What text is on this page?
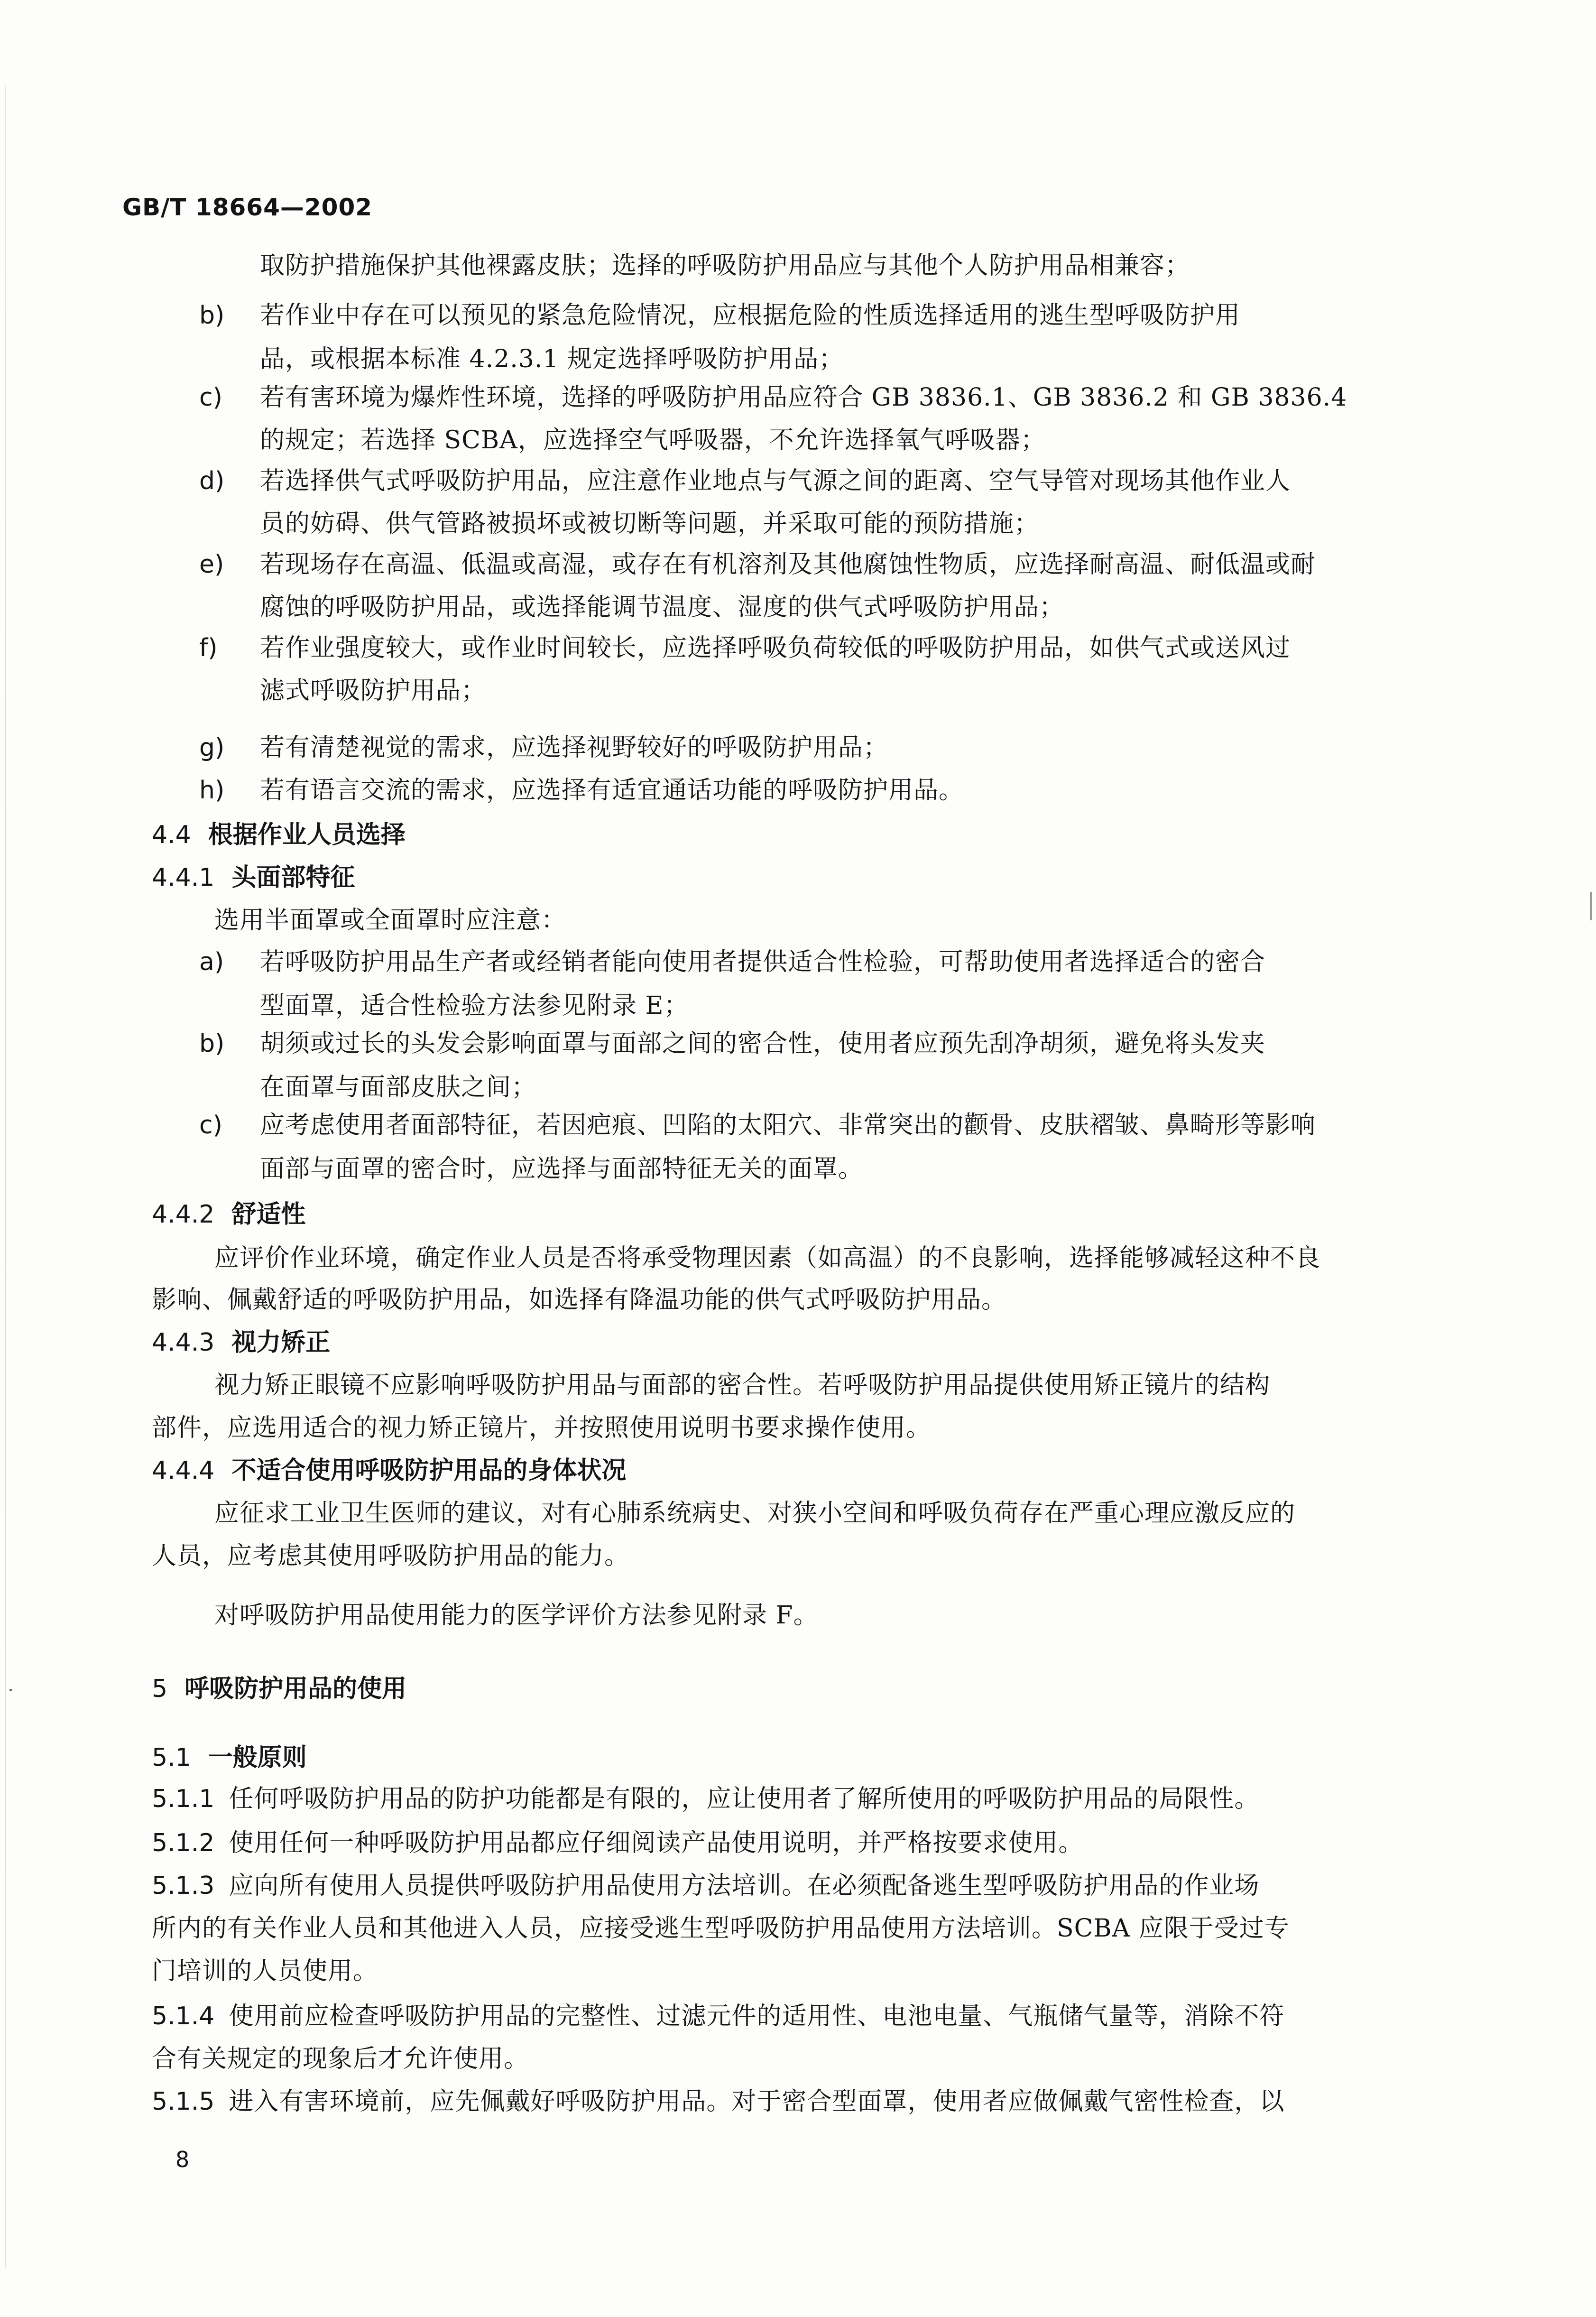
GB/T 18664—2002
取防护措施保护其他裸露皮肤；选择的呼吸防护用品应与其他个人防护用品相兼容；
b) 若作业中存在可以预见的紧急危险情况，应根据危险的性质选择适用的逃生型呼吸防护用
品，或根据本标准 4.2.3.1 规定选择呼吸防护用品；
c) 若有害环境为爆炸性环境，选择的呼吸防护用品应符合 GB 3836.1、GB 3836.2 和 GB 3836.4
的规定；若选择 SCBA，应选择空气呼吸器，不允许选择氧气呼吸器；
d) 若选择供气式呼吸防护用品，应注意作业地点与气源之间的距离、空气导管对现场其他作业人
员的妨碍、供气管路被损坏或被切断等问题，并采取可能的预防措施；
e) 若现场存在高温、低温或高湿，或存在有机溶剂及其他腐蚀性物质，应选择耐高温、耐低温或耐
腐蚀的呼吸防护用品，或选择能调节温度、湿度的供气式呼吸防护用品；
f) 若作业强度较大，或作业时间较长，应选择呼吸负荷较低的呼吸防护用品，如供气式或送风过
滤式呼吸防护用品；
g) 若有清楚视觉的需求，应选择视野较好的呼吸防护用品；
h) 若有语言交流的需求，应选择有适宜通话功能的呼吸防护用品。
4.4 根据作业人员选择
4.4.1 头面部特征
选用半面罩或全面罩时应注意：
a) 若呼吸防护用品生产者或经销者能向使用者提供适合性检验，可帮助使用者选择适合的密合
型面罩，适合性检验方法参见附录 E；
b) 胡须或过长的头发会影响面罩与面部之间的密合性，使用者应预先刮净胡须，避免将头发夹
在面罩与面部皮肤之间；
c) 应考虑使用者面部特征，若因疤痕、凹陷的太阳穴、非常突出的颧骨、皮肤褶皱、鼻畸形等影响
面部与面罩的密合时，应选择与面部特征无关的面罩。
4.4.2 舒适性
应评价作业环境，确定作业人员是否将承受物理因素（如高温）的不良影响，选择能够减轻这种不良
影响、佩戴舒适的呼吸防护用品，如选择有降温功能的供气式呼吸防护用品。
4.4.3 视力矫正
视力矫正眼镜不应影响呼吸防护用品与面部的密合性。若呼吸防护用品提供使用矫正镜片的结构
部件，应选用适合的视力矫正镜片，并按照使用说明书要求操作使用。
4.4.4 不适合使用呼吸防护用品的身体状况
应征求工业卫生医师的建议，对有心肺系统病史、对狭小空间和呼吸负荷存在严重心理应激反应的
人员，应考虑其使用呼吸防护用品的能力。
对呼吸防护用品使用能力的医学评价方法参见附录 F。
5 呼吸防护用品的使用
5.1 一般原则
5.1.1 任何呼吸防护用品的防护功能都是有限的，应让使用者了解所使用的呼吸防护用品的局限性。
5.1.2 使用任何一种呼吸防护用品都应仔细阅读产品使用说明，并严格按要求使用。
5.1.3 应向所有使用人员提供呼吸防护用品使用方法培训。在必须配备逃生型呼吸防护用品的作业场
所内的有关作业人员和其他进入人员，应接受逃生型呼吸防护用品使用方法培训。SCBA 应限于受过专
门培训的人员使用。
5.1.4 使用前应检查呼吸防护用品的完整性、过滤元件的适用性、电池电量、气瓶储气量等，消除不符
合有关规定的现象后才允许使用。
5.1.5 进入有害环境前，应先佩戴好呼吸防护用品。对于密合型面罩，使用者应做佩戴气密性检查，以
8
